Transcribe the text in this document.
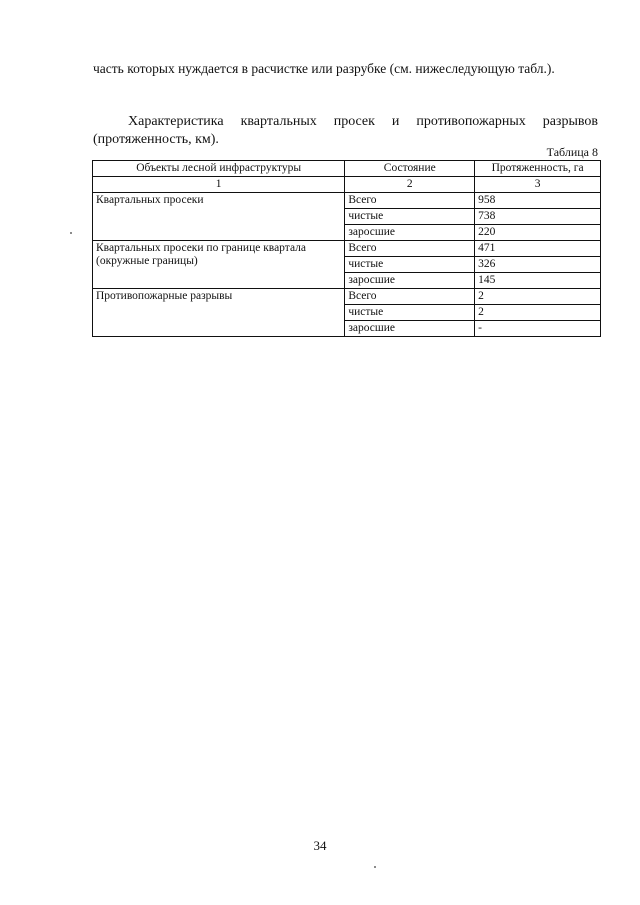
часть которых нуждается в расчистке или разрубке (см. нижеследующую табл.).

Характеристика квартальных просек и противопожарных разрывов (протяженность, км).

Таблица 8
Объекты лесной инфраструктуры	Состояние	Протяженность, га
1	2	3
Квартальных просеки	Всего	958
	чистые	738
	заросшие	220
Квартальных просеки по границе квартала (окружные границы)	Всего	471
	чистые	326
	заросшие	145
Противопожарные разрывы	Всего	2
	чистые	2
	заросшие	-
34
